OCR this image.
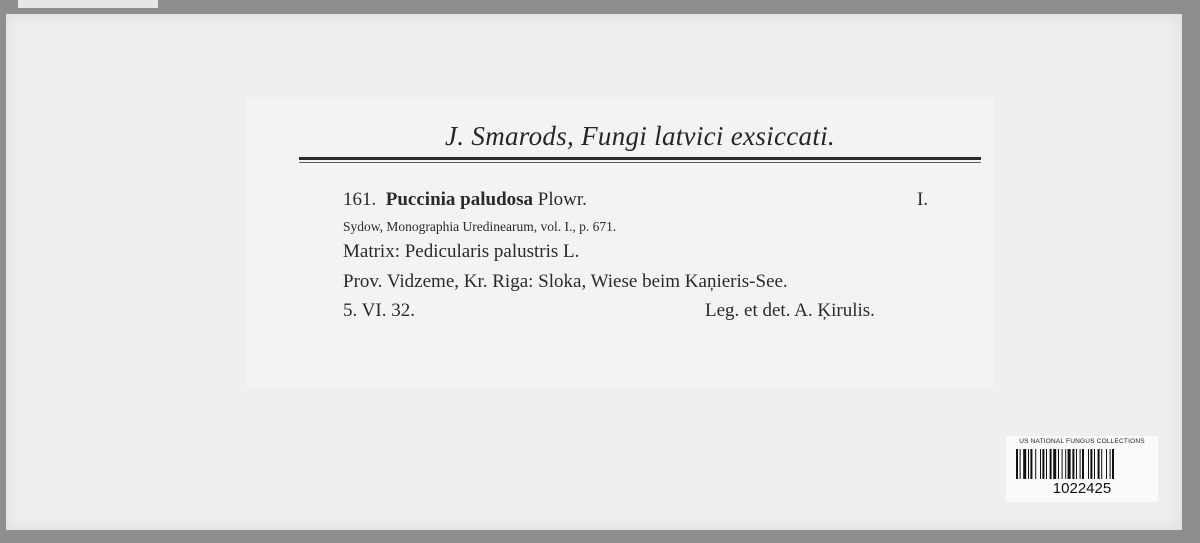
J. Smarods, Fungi latvici exsiccati.
161. Puccinia paludosa Plowr.	I.
Sydow, Monographia Uredinearum, vol. I., p. 671.
Matrix: Pedicularis palustris L.
Prov. Vidzeme, Kr. Riga: Sloka, Wiese beim Kaņieris-See.
5. VI. 32.	Leg. et det. A. Ķirulis.
US NATIONAL FUNGUS COLLECTIONS
1022425
